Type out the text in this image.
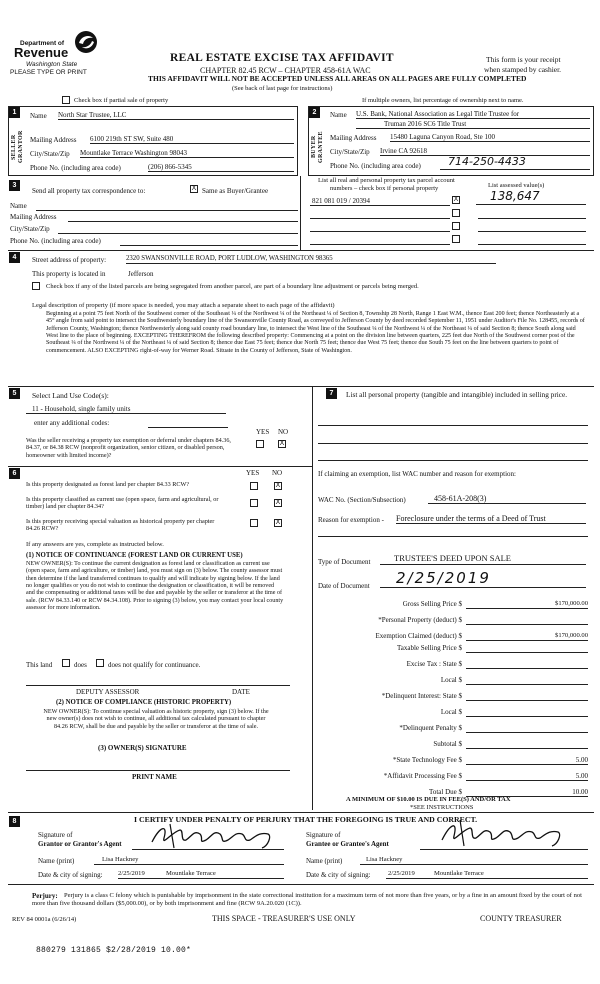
Department of
Revenue
Washington State
PLEASE TYPE OR PRINT
REAL ESTATE EXCISE TAX AFFIDAVIT
CHAPTER 82.45 RCW – CHAPTER 458-61A WAC
THIS AFFIDAVIT WILL NOT BE ACCEPTED UNLESS ALL AREAS ON ALL PAGES ARE FULLY COMPLETED
(See back of last page for instructions)
This form is your receipt
when stamped by cashier.
Check box if partial sale of property	If multiple owners, list percentage of ownership next to name.
1
SELLER GRANTOR
Name North Star Trustee, LLC
Mailing Address 6100 219th ST SW, Suite 480
City/State/Zip Mountlake Terrace Washington 98043
Phone No. (including area code)	(206) 866-5345
2
BUYER GRANTEE
Name U.S. Bank, National Association as Legal Title Trustee for
Truman 2016 SC6 Title Trust
Mailing Address 15480 Laguna Canyon Road, Ste 100
City/State/Zip Irvine CA 92618
Phone No. (including area code)	714-250-4433
3
Send all property tax correspondence to:	X Same as Buyer/Grantee
Name
Mailing Address
City/State/Zip
Phone No. (including area code)
List all real and personal property tax parcel account
numbers – check box if personal property	List assessed value(s)
821 081 019 / 20394	X	138,647
4	Street address of property:	2320 SWANSONVILLE ROAD, PORT LUDLOW, WASHINGTON 98365
This property is located in	Jefferson
Check box if any of the listed parcels are being segregated from another parcel, are part of a boundary line adjustment or parcels being merged.
Legal description of property (if more space is needed, you may attach a separate sheet to each page of the affidavit)
Beginning at a point 75 feet North of the Southwest corner of the Southeast ¼ of the Northwest ¼ of the Northeast ¼ of Section 8, Township 28 North, Range 1 East W.M., thence East 200 feet; thence Northeasterly at a 45° angle from said point to intersect the Southwesterly boundary line of the Swansonville County Road, as conveyed to Jefferson County by deed recorded September 11, 1951 under Auditor's File No. 128455, records of Jefferson County, Washington; thence Northwesterly along said county road boundary line, to intersect the West line of the Southeast ¼ of the Northwest ¼ of the Northeast ¼ of said Section 8; thence South along said West line to the place of beginning. EXCEPTING THEREFROM the following described property: Commencing at a point on the division line between quarters, 225 feet due North of the Southwest corner post of the Southeast ¼ of the Northwest ¼ of the Northeast ¼ of said Section 8; thence due East 75 feet; thence due North 75 feet; thence due West 75 feet; thence due South 75 feet on the line between quarters to point of commencement. ALSO EXCEPTING right-of-way for Werner Road. Situate in the County of Jefferson, State of Washington.
5	Select Land Use Code(s):
11 - Household, single family units
enter any additional codes:
YES NO
Was the seller receiving a property tax exemption or deferral under chapters 84.36, 84.37, or 84.38 RCW (nonprofit organization, senior citizen, or disabled person, homeowner with limited income)?
X
6	YES NO
Is this property designated as forest land per chapter 84.33 RCW?	X
Is this property classified as current use (open space, farm and agricultural, or timber) land per chapter 84.34?
X
Is this property receiving special valuation as historical property per chapter 84.26 RCW?
X
If any answers are yes, complete as instructed below.
(1) NOTICE OF CONTINUANCE (FOREST LAND OR CURRENT USE)
NEW OWNER(S): To continue the current designation as forest land or classification as current use (open space, farm and agriculture, or timber) land, you must sign on (3) below. The county assessor must then determine if the land transferred continues to qualify and will indicate by signing below. If the land no longer qualifies or you do not wish to continue the designation or classification, it will be removed and the compensating or additional taxes will be due and payable by the seller or transferor at the time of sale. (RCW 84.33.140 or RCW 84.34.108). Prior to signing (3) below, you may contact your local county assessor for more information.
This land	does	does not qualify for continuance.
DEPUTY ASSESSOR	DATE
(2) NOTICE OF COMPLIANCE (HISTORIC PROPERTY)
NEW OWNER(S): To continue special valuation as historic property, sign (3) below. If the new owner(s) does not wish to continue, all additional tax calculated pursuant to chapter 84.26 RCW, shall be due and payable by the seller or transferor at the time of sale.
(3) OWNER(S) SIGNATURE
PRINT NAME
7	List all personal property (tangible and intangible) included in selling price.
If claiming an exemption, list WAC number and reason for exemption:
WAC No. (Section/Subsection)	458-61A-208(3)
Reason for exemption - Foreclosure under the terms of a Deed of Trust
Type of Document	TRUSTEE'S DEED UPON SALE
Date of Document	2/25/2019
Gross Selling Price $	$170,000.00
*Personal Property (deduct) $
Exemption Claimed (deduct) $	$170,000.00
Taxable Selling Price $
Excise Tax : State $
Local $
*Delinquent Interest: State $
Local $
*Delinquent Penalty $
Subtotal $
*State Technology Fee $	5.00
*Affidavit Processing Fee $	5.00
Total Due $	10.00
A MINIMUM OF $10.00 IS DUE IN FEE(S) AND/OR TAX
*SEE INSTRUCTIONS
8	I CERTIFY UNDER PENALTY OF PERJURY THAT THE FOREGOING IS TRUE AND CORRECT.
Signature of
Grantor or Grantor's Agent
Name (print)	Lisa Hackney
Date & city of signing: 2/25/2019	Mountlake Terrace
Signature of
Grantee or Grantee's Agent
Name (print)	Lisa Hackney
Date & city of signing:	2/25/2019	Mountlake Terrace
Perjury: Perjury is a class C felony which is punishable by imprisonment in the state correctional institution for a maximum term of not more than five years, or by a fine in an amount fixed by the court of not more than five thousand dollars ($5,000.00), or by both imprisonment and fine (RCW 9A.20.020 (1C)).
REV 84 0001a (6/26/14)	THIS SPACE - TREASURER'S USE ONLY	COUNTY TREASURER
880279 131865 $2/28/2019 10.00*
